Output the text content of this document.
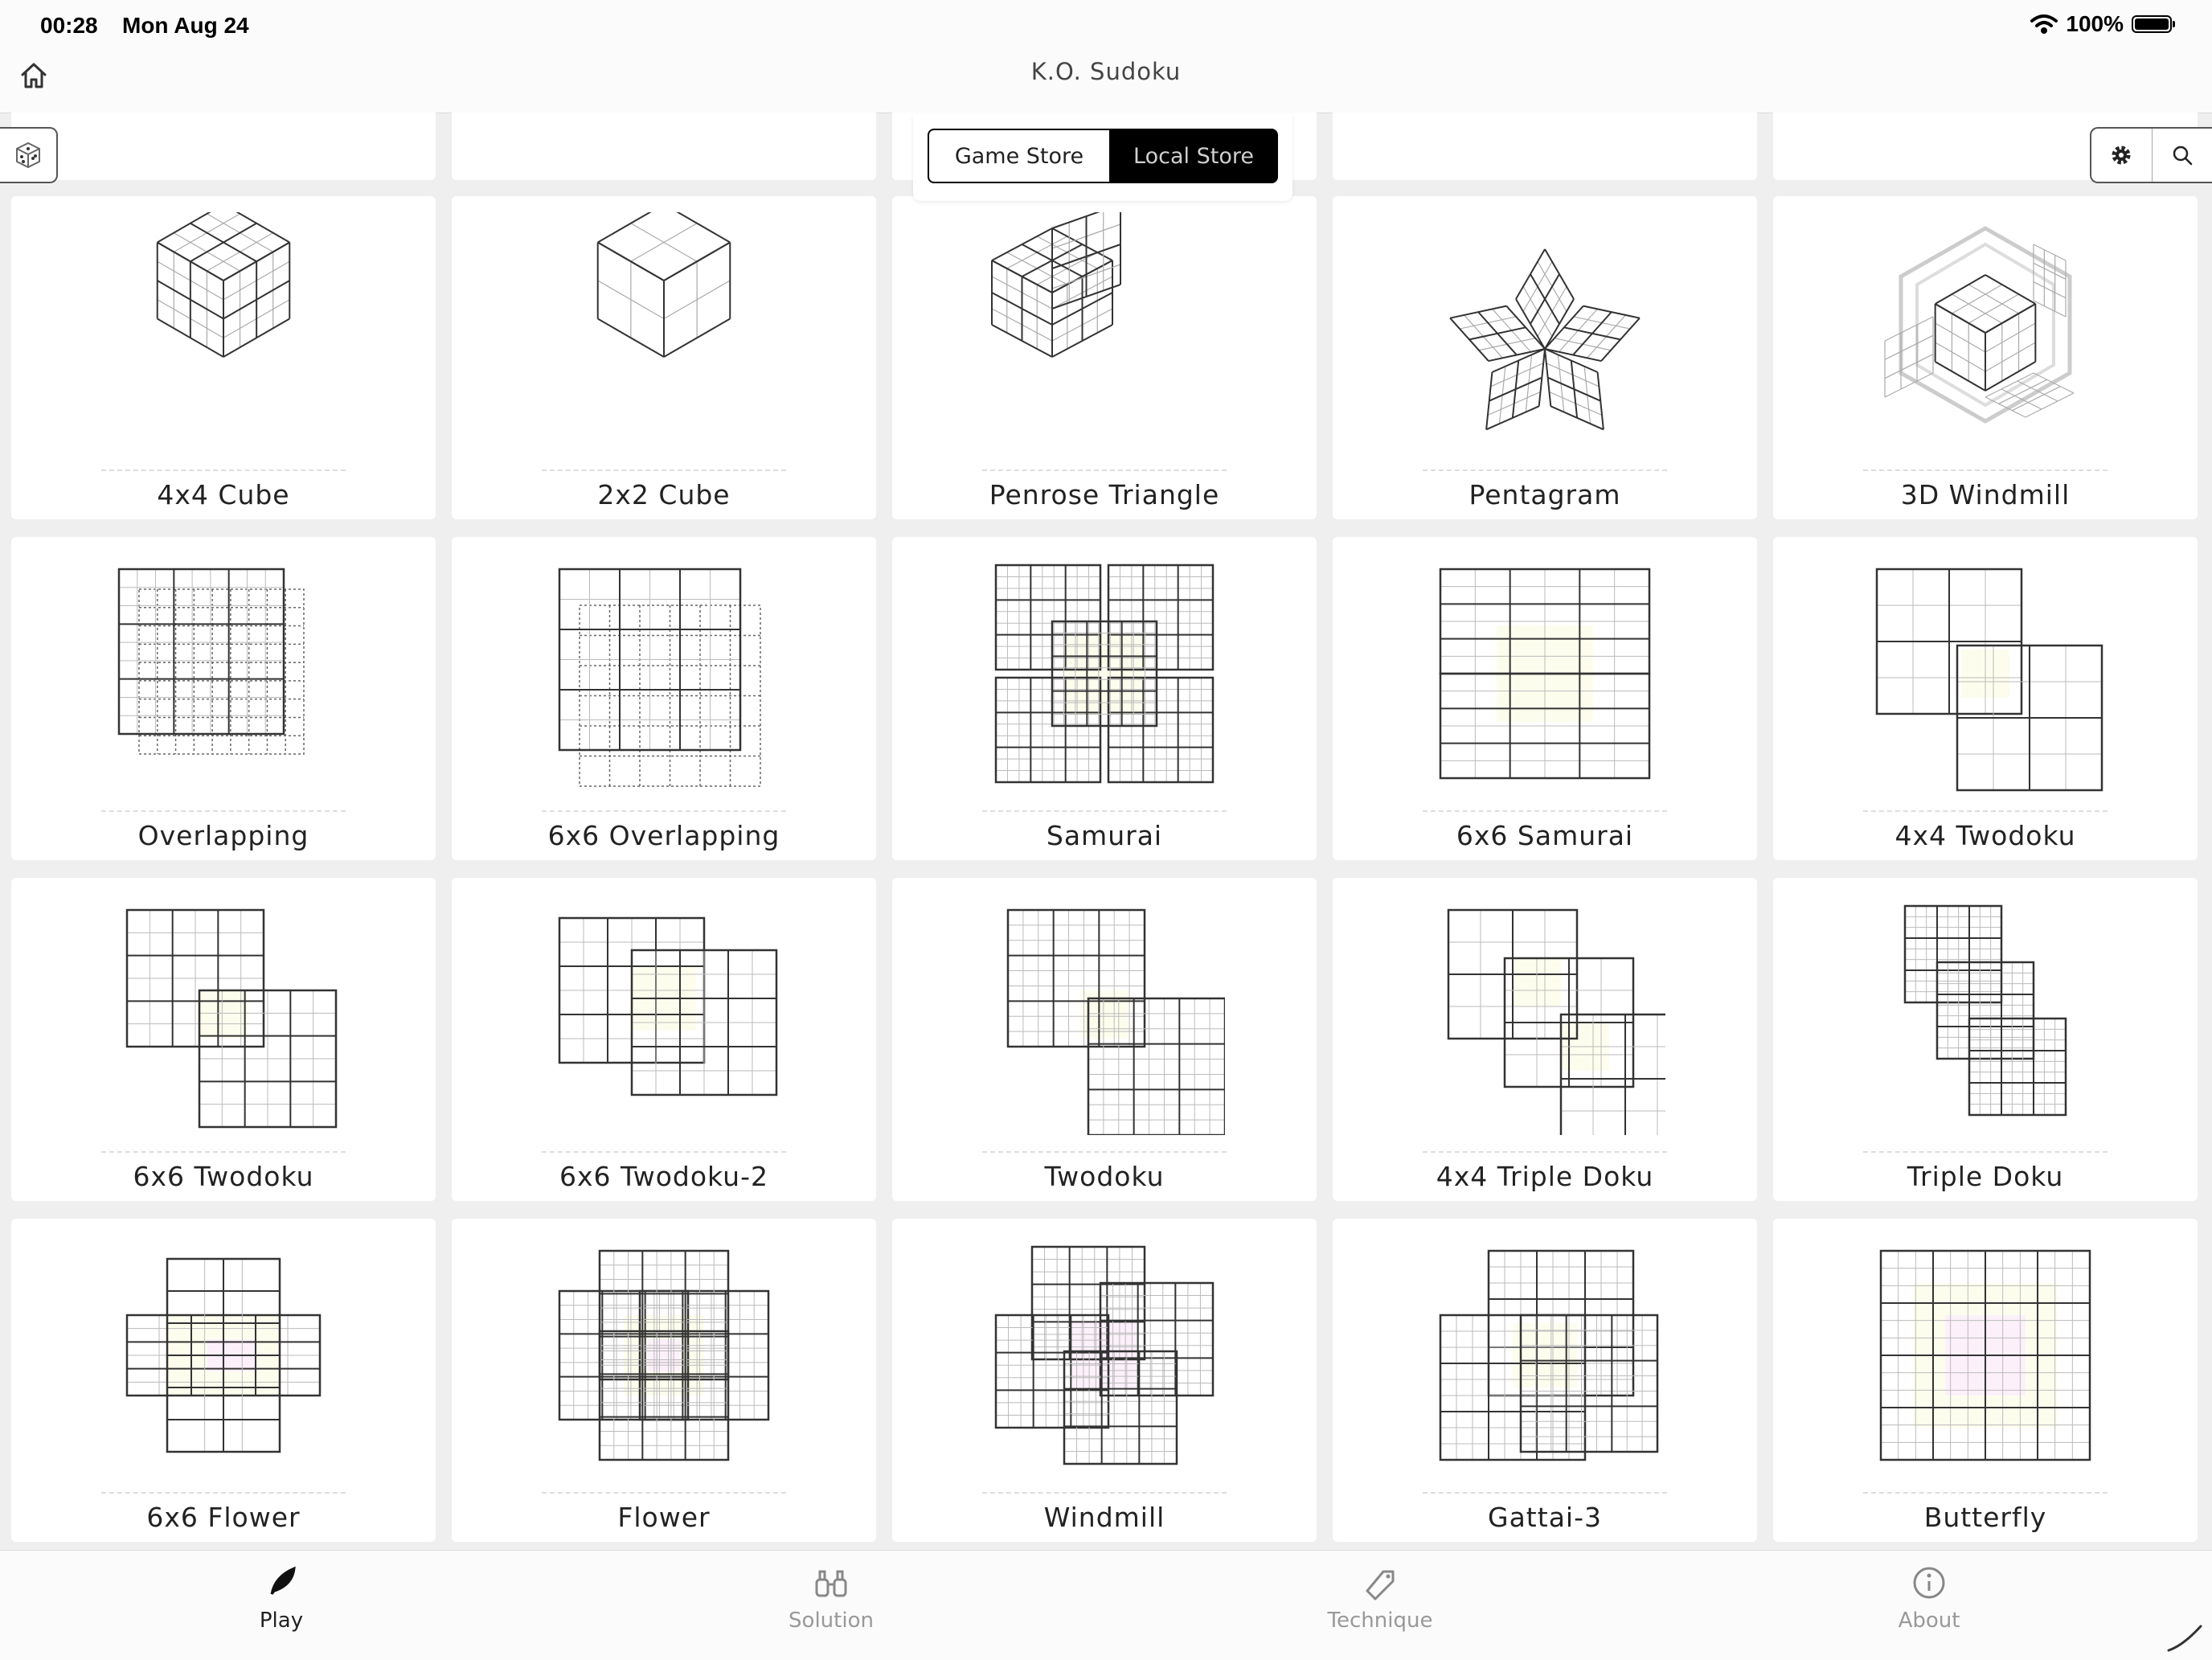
00:28 Mon Aug 24	100%
K.O. Sudoku
4x4 Cube	2x2 Cube	Penrose Triangle	Pentagram	3D Windmill
Overlapping	6x6 Overlapping	Samurai	6x6 Samurai	4x4 Twodoku
6x6 Twodoku	6x6 Twodoku-2	Twodoku	4x4 Triple Doku	Triple Doku
6x6 Flower	Flower	Windmill	Gattai-3	Butterfly
Game Store	Local Store
Play	Solution	Technique	About
